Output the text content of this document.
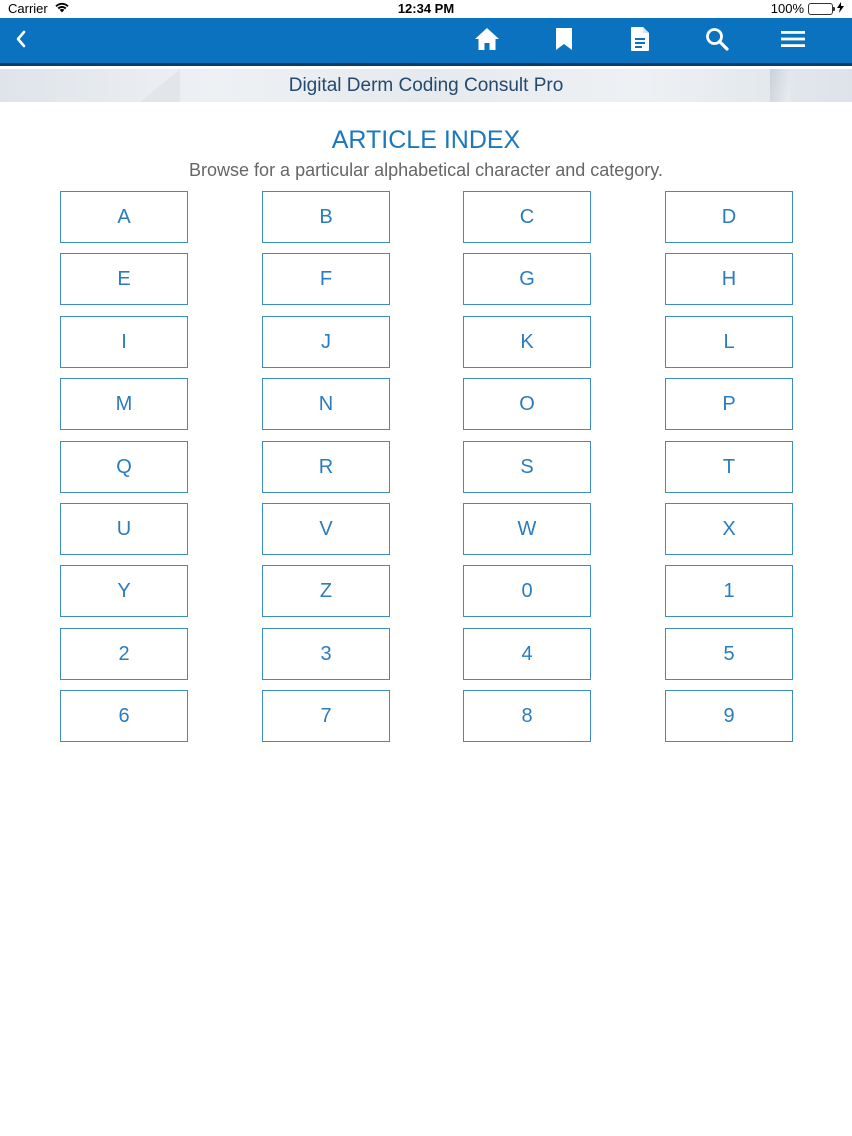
Carrier	12:34 PM	100%
Digital Derm Coding Consult Pro
ARTICLE INDEX
Browse for a particular alphabetical character and category.
A	B	C	D
E	F	G	H
I	J	K	L
M	N	O	P
Q	R	S	T
U	V	W	X
Y	Z	0	1
2	3	4	5
6	7	8	9
